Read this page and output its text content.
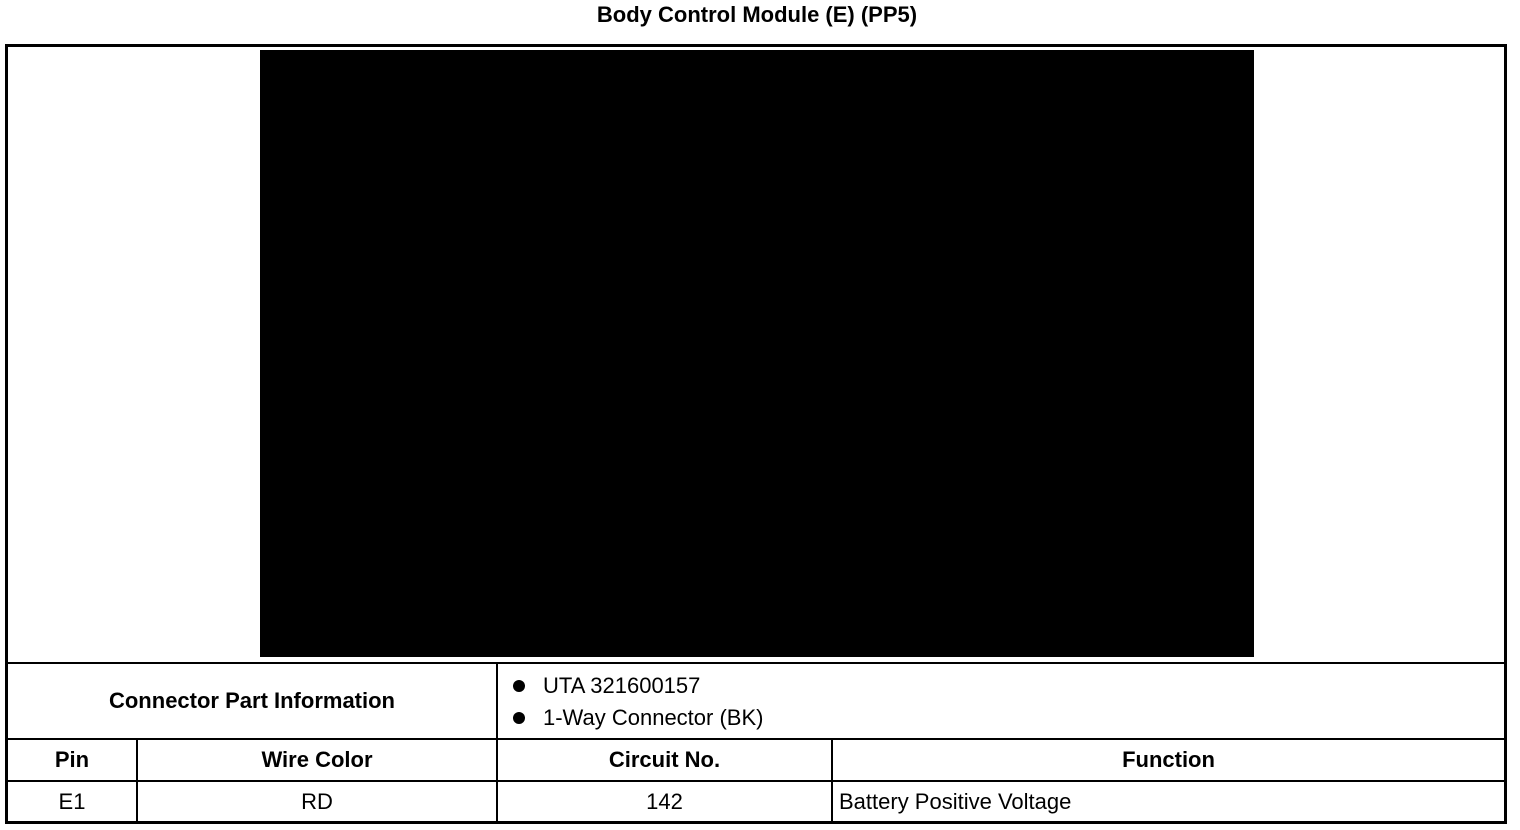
Body Control Module (E) (PP5)
Connector Part Information
UTA 321600157
1-Way Connector (BK)
Pin	Wire Color	Circuit No.	Function
E1	RD	142	Battery Positive Voltage
